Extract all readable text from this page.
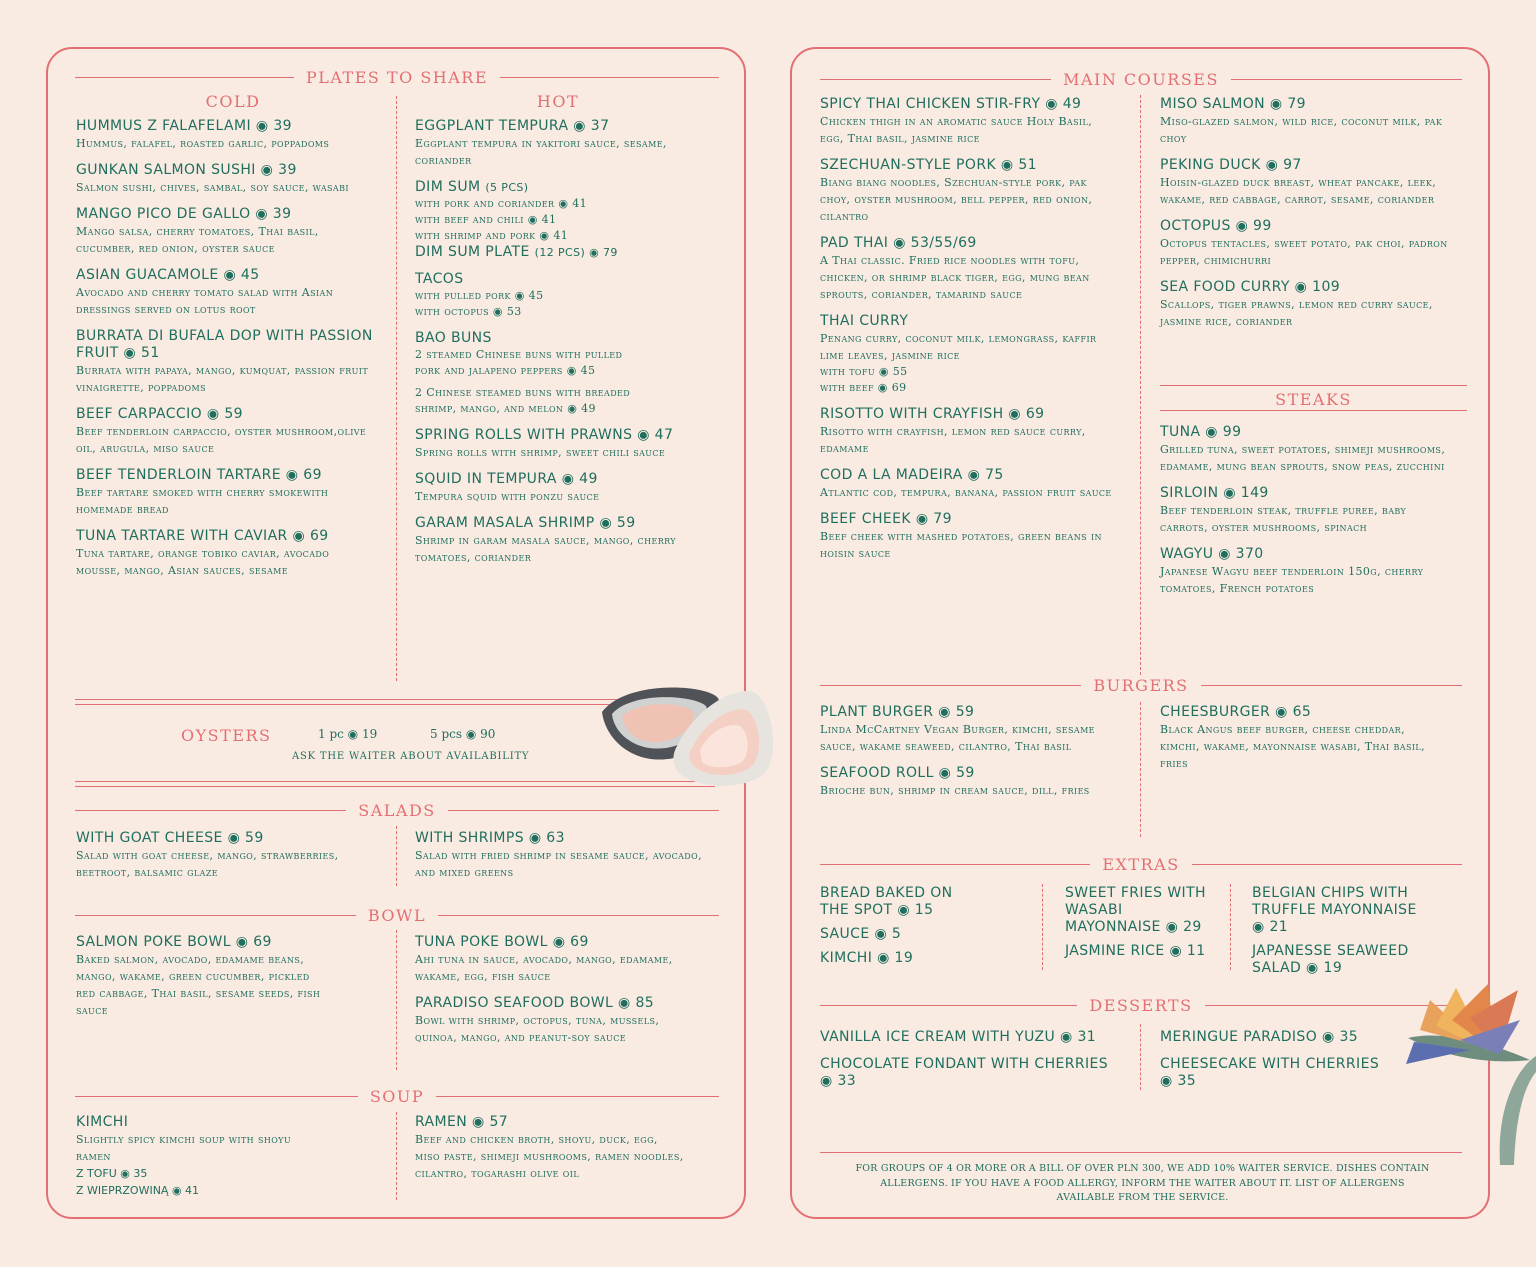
PLATES TO SHARE
COLD	HOT
HUMMUS Z FALAFELAMI ◉ 39
Hummus, falafel, roasted garlic, poppadoms
GUNKAN SALMON SUSHI ◉ 39
Salmon sushi, chives, sambal, soy sauce, wasabi
MANGO PICO DE GALLO ◉ 39
Mango salsa, cherry tomatoes, Thai basil, cucumber, red onion, oyster sauce
ASIAN GUACAMOLE ◉ 45
Avocado and cherry tomato salad with Asian dressings served on lotus root
BURRATA DI BUFALA DOP WITH PASSION FRUIT ◉ 51
Burrata with papaya, mango, kumquat, passion fruit vinaigrette, poppadoms
BEEF CARPACCIO ◉ 59
Beef tenderloin carpaccio, oyster mushroom,olive oil, arugula, miso sauce
BEEF TENDERLOIN TARTARE ◉ 69
Beef tartare smoked with cherry smokewith homemade bread
TUNA TARTARE WITH CAVIAR ◉ 69
Tuna tartare, orange tobiko caviar, avocado mousse, mango, Asian sauces, sesame
EGGPLANT TEMPURA ◉ 37
Eggplant tempura in yakitori sauce, sesame, coriander
DIM SUM (5 PCS)
with pork and coriander ◉ 41
with beef and chili ◉ 41
with shrimp and pork ◉ 41
DIM SUM PLATE (12 PCS) ◉ 79
TACOS
with pulled pork ◉ 45
with octopus ◉ 53
BAO BUNS
2 steamed Chinese buns with pulled pork and jalapeno peppers ◉ 45
2 Chinese steamed buns with breaded shrimp, mango, and melon ◉ 49
SPRING ROLLS WITH PRAWNS ◉ 47
Spring rolls with shrimp, sweet chili sauce
SQUID IN TEMPURA ◉ 49
Tempura squid with ponzu sauce
GARAM MASALA SHRIMP ◉ 59
Shrimp in garam masala sauce, mango, cherry tomatoes, coriander
OYSTERS	1 pc ◉ 19	5 pcs ◉ 90
ASK THE WAITER ABOUT AVAILABILITY
SALADS
WITH GOAT CHEESE ◉ 59
Salad with goat cheese, mango, strawberries, beetroot, balsamic glaze
WITH SHRIMPS ◉ 63
Salad with fried shrimp in sesame sauce, avocado, and mixed greens
BOWL
SALMON POKE BOWL ◉ 69
Baked salmon, avocado, edamame beans, mango, wakame, green cucumber, pickled red cabbage, Thai basil, sesame seeds, fish sauce
TUNA POKE BOWL ◉ 69
Ahi tuna in sauce, avocado, mango, edamame, wakame, egg, fish sauce
PARADISO SEAFOOD BOWL ◉ 85
Bowl with shrimp, octopus, tuna, mussels, quinoa, mango, and peanut-soy sauce
SOUP
KIMCHI
Slightly spicy kimchi soup with shoyu ramen
Z TOFU ◉ 35
Z WIEPRZOWINĄ ◉ 41
RAMEN ◉ 57
Beef and chicken broth, shoyu, duck, egg, miso paste, shimeji mushrooms, ramen noodles, cilantro, togarashi olive oil
MAIN COURSES
SPICY THAI CHICKEN STIR-FRY ◉ 49
Chicken thigh in an aromatic sauce Holy Basil, egg, Thai basil, jasmine rice
SZECHUAN-STYLE PORK ◉ 51
Biang biang noodles, Szechuan-style pork, pak choy, oyster mushroom, bell pepper, red onion, cilantro
PAD THAI ◉ 53/55/69
A Thai classic. Fried rice noodles with tofu, chicken, or shrimp black tiger, egg, mung bean sprouts, coriander, tamarind sauce
THAI CURRY
Penang curry, coconut milk, lemongrass, kaffir lime leaves, jasmine rice
with tofu ◉ 55
with beef ◉ 69
RISOTTO WITH CRAYFISH ◉ 69
Risotto with crayfish, lemon red sauce curry, edamame
COD A LA MADEIRA ◉ 75
Atlantic cod, tempura, banana, passion fruit sauce
BEEF CHEEK ◉ 79
Beef cheek with mashed potatoes, green beans in hoisin sauce
MISO SALMON ◉ 79
Miso-glazed salmon, wild rice, coconut milk, pak choy
PEKING DUCK ◉ 97
Hoisin-glazed duck breast, wheat pancake, leek, wakame, red cabbage, carrot, sesame, coriander
OCTOPUS ◉ 99
Octopus tentacles, sweet potato, pak choi, padron pepper, chimichurri
SEA FOOD CURRY ◉ 109
Scallops, tiger prawns, lemon red curry sauce, jasmine rice, coriander
STEAKS
TUNA ◉ 99
Grilled tuna, sweet potatoes, shimeji mushrooms, edamame, mung bean sprouts, snow peas, zucchini
SIRLOIN ◉ 149
Beef tenderloin steak, truffle puree, baby carrots, oyster mushrooms, spinach
WAGYU ◉ 370
Japanese Wagyu beef tenderloin 150g, cherry tomatoes, French potatoes
BURGERS
PLANT BURGER ◉ 59
Linda McCartney Vegan Burger, kimchi, sesame sauce, wakame seaweed, cilantro, Thai basil
SEAFOOD ROLL ◉ 59
Brioche bun, shrimp in cream sauce, dill, fries
CHEESBURGER ◉ 65
Black Angus beef burger, cheese cheddar, kimchi, wakame, mayonnaise wasabi, Thai basil, fries
EXTRAS
BREAD BAKED ON THE SPOT ◉ 15
SAUCE ◉ 5
KIMCHI ◉ 19
SWEET FRIES WITH WASABI MAYONNAISE ◉ 29
JASMINE RICE ◉ 11
BELGIAN CHIPS WITH TRUFFLE MAYONNAISE ◉ 21
JAPANESSE SEAWEED SALAD ◉ 19
DESSERTS
VANILLA ICE CREAM WITH YUZU ◉ 31
CHOCOLATE FONDANT WITH CHERRIES ◉ 33
MERINGUE PARADISO ◉ 35
CHEESECAKE WITH CHERRIES ◉ 35
FOR GROUPS OF 4 OR MORE OR A BILL OF OVER PLN 300, WE ADD 10% WAITER SERVICE. DISHES CONTAIN ALLERGENS. IF YOU HAVE A FOOD ALLERGY, INFORM THE WAITER ABOUT IT. LIST OF ALLERGENS AVAILABLE FROM THE SERVICE.
